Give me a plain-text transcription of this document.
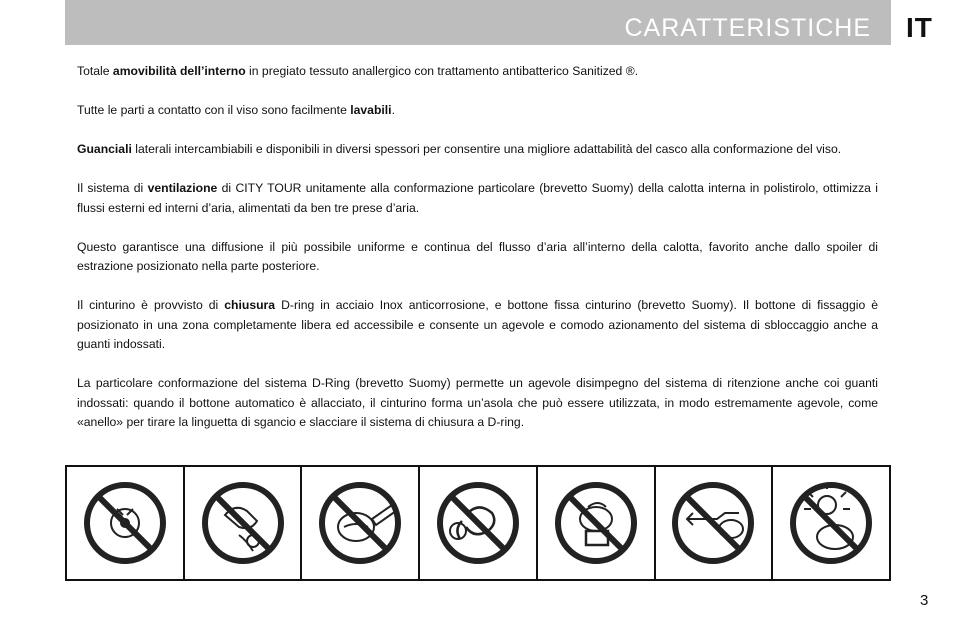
CARATTERISTICHE IT

Totale amovibilità dell’interno in pregiato tessuto anallergico con trattamento antibatterico Sanitized ®.

Tutte le parti a contatto con il viso sono facilmente lavabili.

Guanciali laterali intercambiabili e disponibili in diversi spessori per consentire una migliore adattabilità del casco alla conformazione del viso.

Il sistema di ventilazione di CITY TOUR unitamente alla conformazione particolare (brevetto Suomy) della calotta interna in polistirolo, ottimizza i flussi esterni ed interni d’aria, alimentati da ben tre prese d’aria.

Questo garantisce una diffusione il più possibile uniforme e continua del flusso d’aria all’interno della calotta, favorito anche dallo spoiler di estrazione posizionato nella parte posteriore.

Il cinturino è provvisto di chiusura D-ring in acciaio Inox anticorrosione, e bottone fissa cinturino (brevetto Suomy). Il bottone di fissaggio è posizionato in una zona completamente libera ed accessibile e consente un agevole e comodo azionamento del sistema di sbloccaggio anche a guanti indossati.

La particolare conformazione del sistema D-Ring (brevetto Suomy) permette un agevole disimpegno del sistema di ritenzione anche coi guanti indossati: quando il bottone automatico è allacciato, il cinturino forma un’asola che può essere utilizzata, in modo estremamente agevole, come «anello» per tirare la linguetta di sgancio e slacciare il sistema di chiusura a D-ring.

3
